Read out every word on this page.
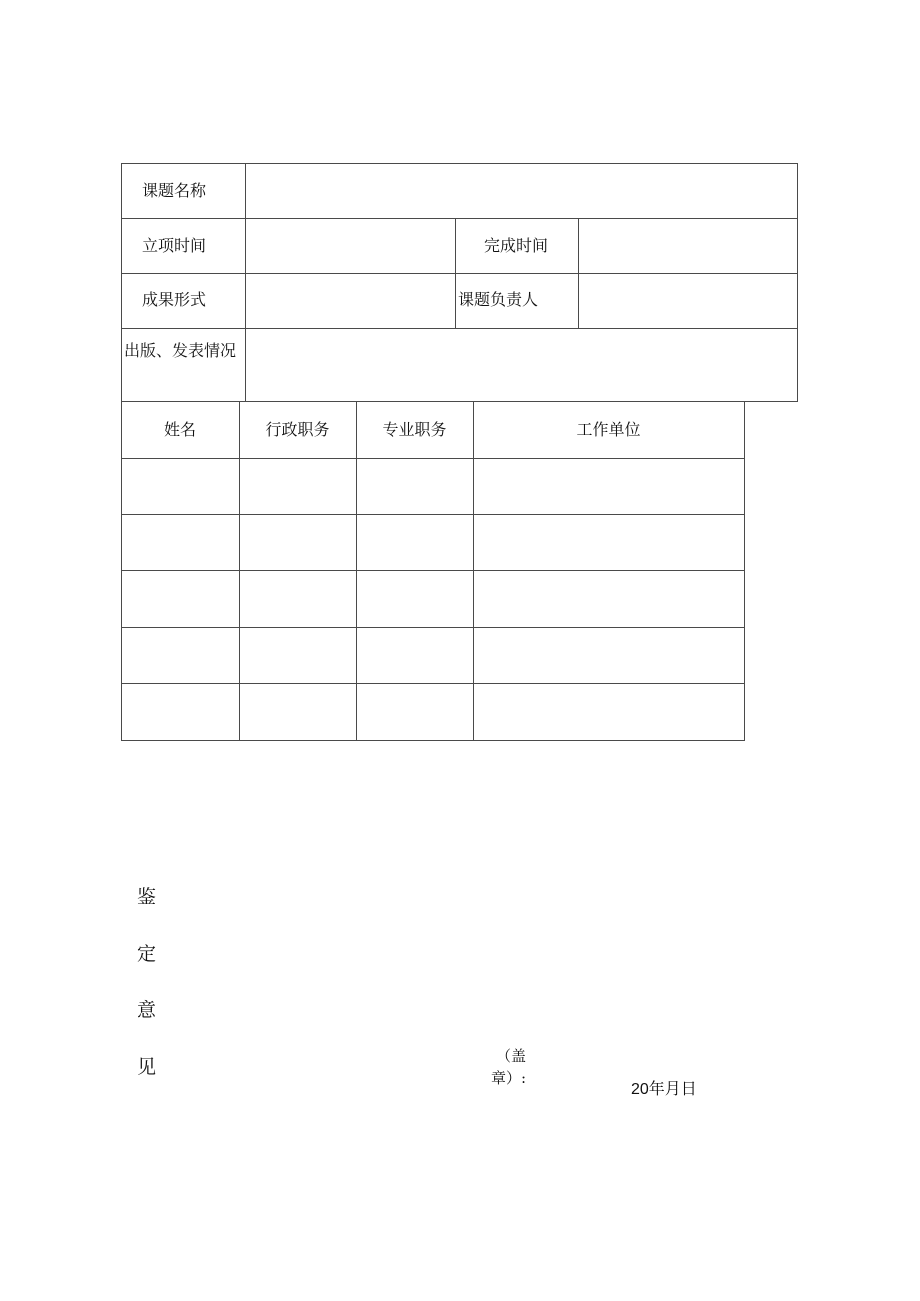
课题名称
立项时间	完成时间
成果形式	课题负责人
出版、发表情况
姓名	行政职务	专业职务	工作单位
鉴
定
意
见	（盖
章）:
20年月日
